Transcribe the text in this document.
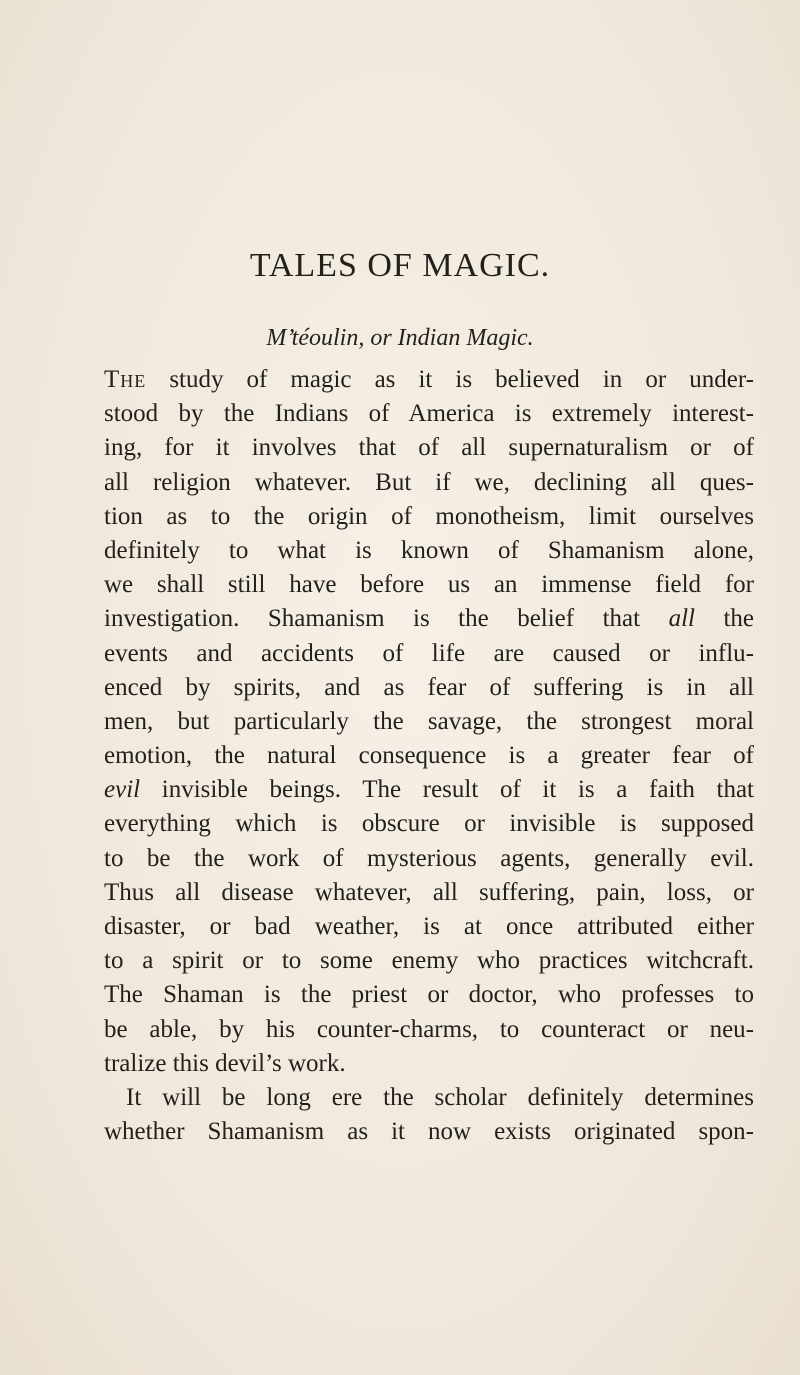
TALES OF MAGIC.
M’téoulin, or Indian Magic.
The study of magic as it is believed in or under-
stood by the Indians of America is extremely interest-
ing, for it involves that of all supernaturalism or of
all religion whatever. But if we, declining all ques-
tion as to the origin of monotheism, limit ourselves
definitely to what is known of Shamanism alone,
we shall still have before us an immense field for
investigation. Shamanism is the belief that all the
events and accidents of life are caused or influ-
enced by spirits, and as fear of suffering is in all
men, but particularly the savage, the strongest moral
emotion, the natural consequence is a greater fear of
evil invisible beings. The result of it is a faith that
everything which is obscure or invisible is supposed
to be the work of mysterious agents, generally evil.
Thus all disease whatever, all suffering, pain, loss, or
disaster, or bad weather, is at once attributed either
to a spirit or to some enemy who practices witchcraft.
The Shaman is the priest or doctor, who professes to
be able, by his counter-charms, to counteract or neu-
tralize this devil’s work.
It will be long ere the scholar definitely determines
whether Shamanism as it now exists originated spon-
